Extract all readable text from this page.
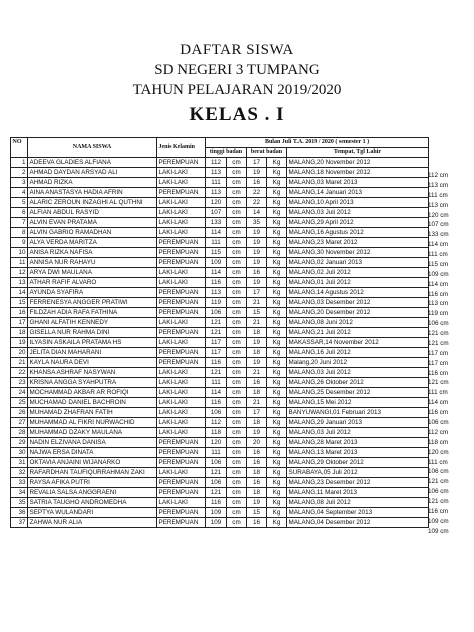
DAFTAR SISWA
SD NEGERI 3 TUMPANG
TAHUN PELAJARAN 2019/2020
KELAS . I
NO	NAMA SISWA	Jenis Kelamin	Bulan Juli T.A. 2019 / 2020 ( semester 1 )				
			tinggi badan		berat badan		Tempat, Tgl Lahir
1	ADEEVA GLADIES ALFIANA	PEREMPUAN	112	cm	17	Kg	MALANG,20 November 2012
2	AHMAD DAYDAN ARSYAD ALI	LAKI-LAKI	113	cm	19	Kg	MALANG,18 November 2012
3	AHMAD RIZKA	LAKI-LAKI	111	cm	16	Kg	MALANG,03 Maret 2013
4	AINA ANASTASYA HADIA AFRIN	PEREMPUAN	113	cm	22	Kg	MALANG,14 Januari 2013
5	ALARIC ZEROUN INZAGHI AL QUTHNI	LAKI-LAKI	120	cm	22	Kg	MALANG,10 April 2013
6	ALFIAN ABDUL RASYID	LAKI-LAKI	107	cm	14	Kg	MALANG,03 Juli 2012
7	ALVIN EVAN PRATAMA	LAKI-LAKI	133	cm	35	Kg	MALANG,29 April 2012
8	ALVIN GABRIO RAMADHAN	LAKI-LAKI	114	cm	19	Kg	MALANG,16 Agustus 2012
9	ALYA VERDA MARITZA	PEREMPUAN	111	cm	19	Kg	MALANG,23 Maret 2012
10	ANISA RIZKA NAFISA	PEREMPUAN	115	cm	19	Kg	MALANG,30 November 2012
11	ANNISA NUR RAHAYU	PEREMPUAN	109	cm	19	Kg	MALANG,02 Januari 2013
12	ARYA DWI MAULANA	LAKI-LAKI	114	cm	16	Kg	MALANG,02 Juli 2012
13	ATHAR RAFIF ALVARO	LAKI-LAKI	116	cm	19	Kg	MALANG,01 Juli 2012
14	AYUNDA SYAFIRA	PEREMPUAN	113	cm	17	Kg	MALANG,14 Agustus 2012
15	FERRENESYA ANGGER PRATIWI	PEREMPUAN	119	cm	21	Kg	MALANG,03 Desember 2012
16	FILDZAH ADIA RAFA FATHINA	PEREMPUAN	106	cm	15	Kg	MALANG,20 Desember 2012
17	GHANI ALFATIH KENNEDY	LAKI-LAKI	121	cm	21	Kg	MALANG,08 Juni 2012
18	GISELLA NUR RAHMA DINI	PEREMPUAN	121	cm	18	Kg	MALANG,21 Juli 2012
19	ILYASIN ASKAILA PRATAMA HS	LAKI-LAKI	117	cm	19	Kg	MAKASSAR,14 November 2012
20	JELITA DIAN MAHARANI	PEREMPUAN	117	cm	18	Kg	MALANG,16 Juli 2012
21	KAYLA NAURA DEVI	PEREMPUAN	116	cm	19	Kg	Malang,20 Juni 2012
22	KHANSA ASHRAF NASYWAN	LAKI-LAKI	121	cm	21	Kg	MALANG,03 Juli 2012
23	KRISNA ANGGA SYAHPUTRA	LAKI-LAKI	111	cm	16	Kg	MALANG,26 Oktober 2012
24	MOCHAMMAD AKBAR AR ROFIQI	LAKI-LAKI	114	cm	18	Kg	MALANG,25 Desember 2012
25	MUCHAMAD DANIEL BACHROIN	LAKI-LAKI	116	cm	21	Kg	MALANG,15 Mei 2012
26	MUHAMAD ZHAFRAN FATIH	LAKI-LAKI	106	cm	17	Kg	BANYUWANGI,01 Februari 2013
27	MUHAMMAD AL FIKRI NURWACHID	LAKI-LAKI	112	cm	18	Kg	MALANG,29 Januari 2013
28	MUHAMMAD DZAKY MAULANA	LAKI-LAKI	118	cm	19	Kg	MALANG,03 Juli 2012
29	NADIN ELZIVANA DANISA	PEREMPUAN	120	cm	20	Kg	MALANG,28 Maret 2013
30	NAJWA ERSA DINATA	PEREMPUAN	111	cm	16	Kg	MALANG,13 Maret 2013
31	OKTAVIA ANJAINI WIJANARKO	PEREMPUAN	106	cm	16	Kg	MALANG,29 Oktober 2012
32	RAFARDHAN TAUFIQURRAHMAN ZAKI	LAKI-LAKI	121	cm	18	Kg	SURABAYA,05 Juli 2012
33	RAYSA AFIKA PUTRI	PEREMPUAN	106	cm	16	Kg	MALANG,23 Desember 2012
34	REVALIA SALSA ANGGRAENI	PEREMPUAN	121	cm	18	Kg	MALANG,11 Maret 2013
35	SATRIA TAUGHO ANDROMEDHA	LAKI-LAKI	116	cm	19	Kg	MALANG,08 Juli 2012
36	SEPTYA WULANDARI	PEREMPUAN	109	cm	15	Kg	MALANG,04 September 2013
37	ZAHWA NUR ALIA	PEREMPUAN	109	cm	16	Kg	MALANG,04 Desember 2012
112 cm
113 cm
111 cm
113 cm
120 cm
107 cm
133 cm
114 cm
111 cm
115 cm
109 cm
114 cm
116 cm
113 cm
119 cm
106 cm
121 cm
121 cm
117 cm
117 cm
116 cm
121 cm
111 cm
114 cm
116 cm
106 cm
112 cm
118 cm
120 cm
111 cm
106 cm
121 cm
106 cm
121 cm
116 cm
109 cm
109 cm
